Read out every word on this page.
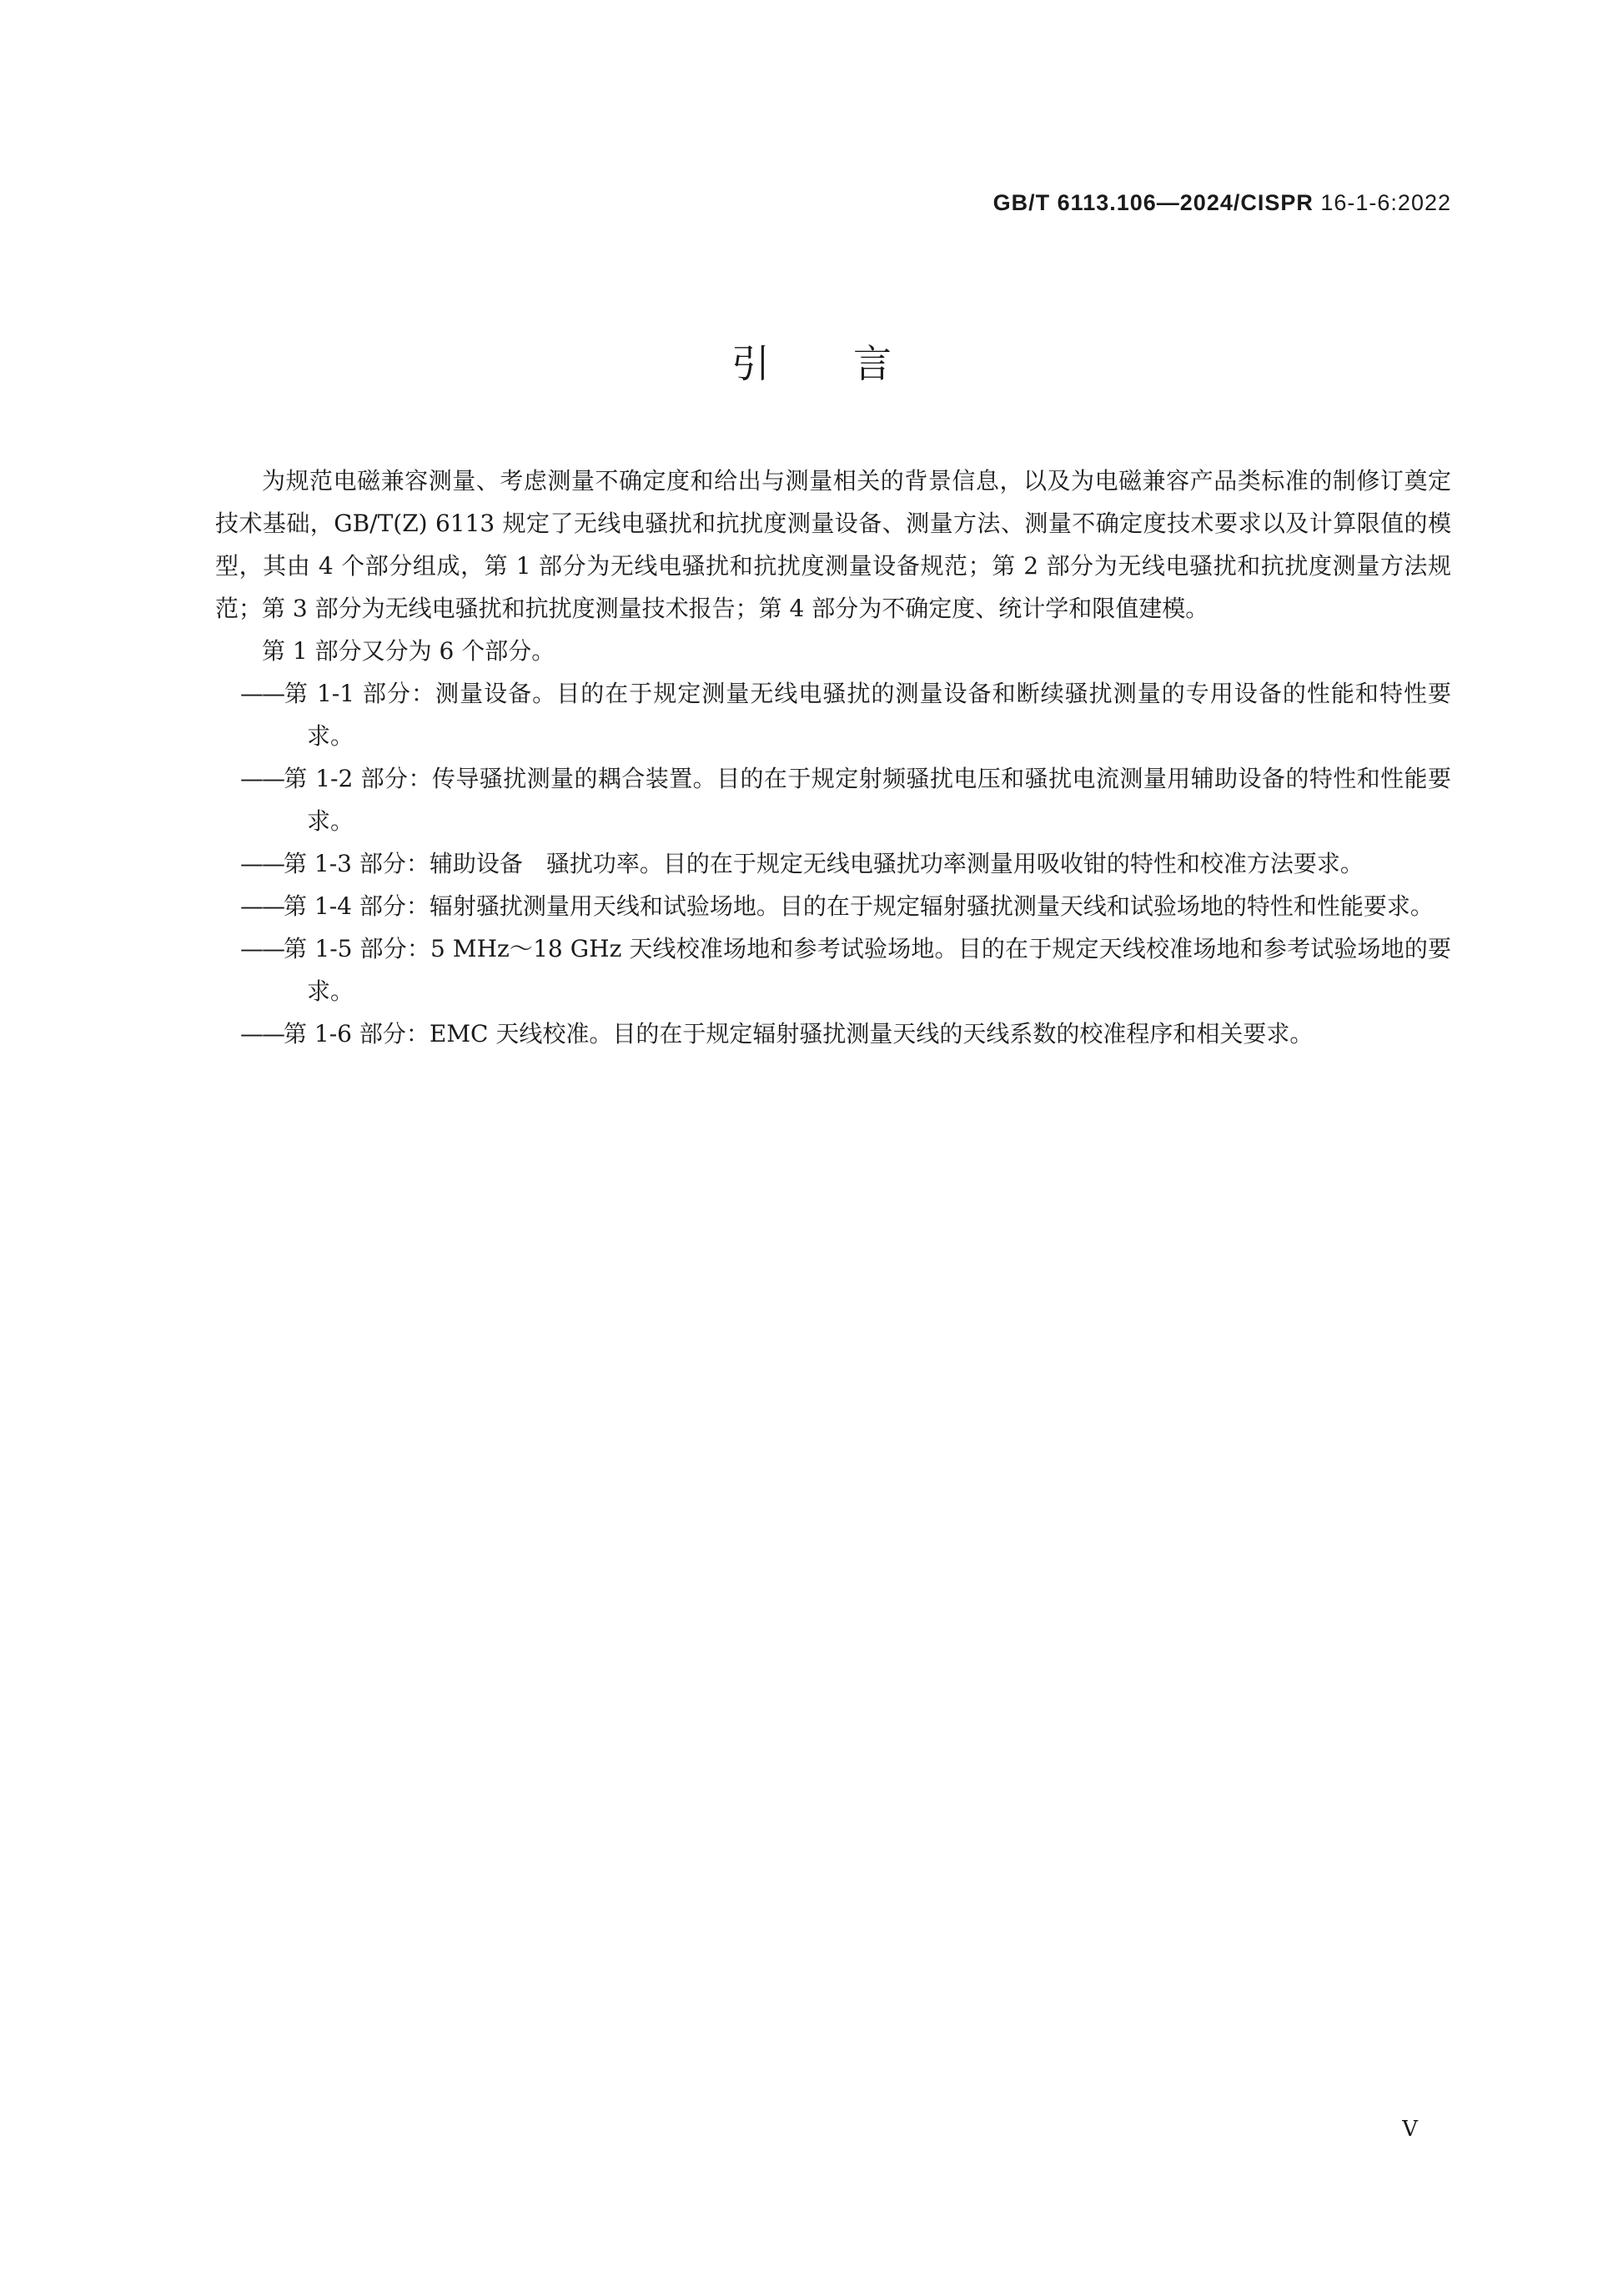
GB/T 6113.106—2024/CISPR 16-1-6:2022
引言

为规范电磁兼容测量、考虑测量不确定度和给出与测量相关的背景信息，以及为电磁兼容产品类标准的制修订奠定技术基础，GB/T(Z) 6113 规定了无线电骚扰和抗扰度测量设备、测量方法、测量不确定度技术要求以及计算限值的模型，其由 4 个部分组成，第 1 部分为无线电骚扰和抗扰度测量设备规范；第 2 部分为无线电骚扰和抗扰度测量方法规范；第 3 部分为无线电骚扰和抗扰度测量技术报告；第 4 部分为不确定度、统计学和限值建模。

第 1 部分又分为 6 个部分。

——第 1-1 部分：测量设备。目的在于规定测量无线电骚扰的测量设备和断续骚扰测量的专用设备的性能和特性要求。

——第 1-2 部分：传导骚扰测量的耦合装置。目的在于规定射频骚扰电压和骚扰电流测量用辅助设备的特性和性能要求。

——第 1-3 部分：辅助设备　骚扰功率。目的在于规定无线电骚扰功率测量用吸收钳的特性和校准方法要求。

——第 1-4 部分：辐射骚扰测量用天线和试验场地。目的在于规定辐射骚扰测量天线和试验场地的特性和性能要求。

——第 1-5 部分：5 MHz～18 GHz 天线校准场地和参考试验场地。目的在于规定天线校准场地和参考试验场地的要求。

——第 1-6 部分：EMC 天线校准。目的在于规定辐射骚扰测量天线的天线系数的校准程序和相关要求。

V
